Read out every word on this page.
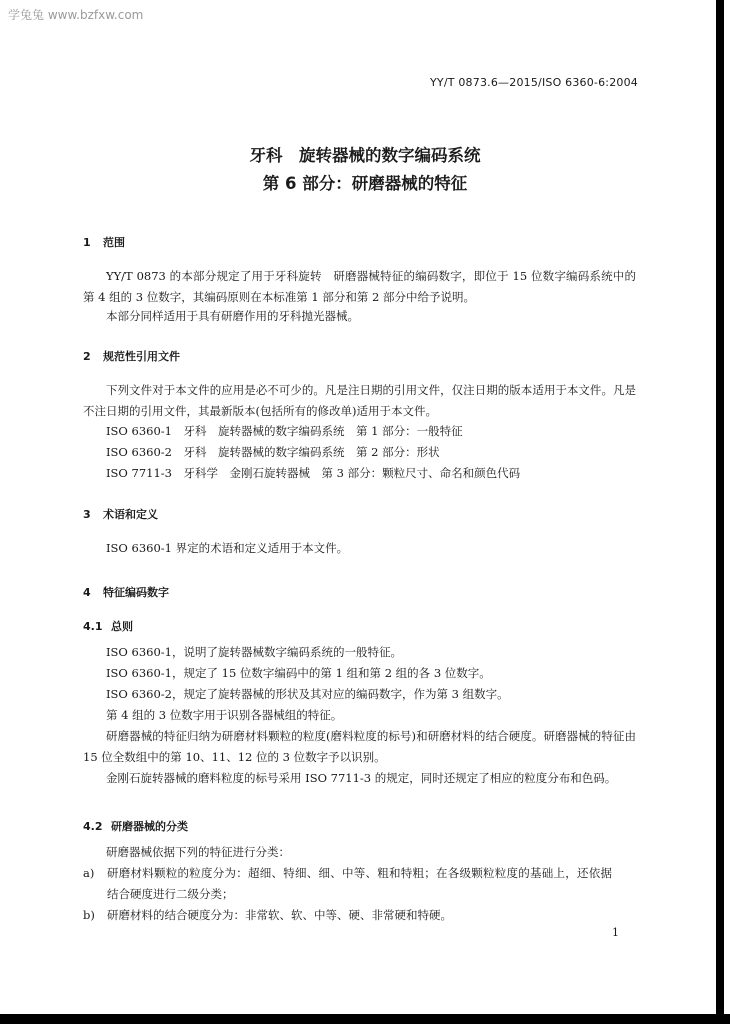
学兔兔 www.bzfxw.com
YY/T 0873.6—2015/ISO 6360-6:2004
牙科　旋转器械的数字编码系统
第 6 部分：研磨器械的特征
1 范围
YY/T 0873 的本部分规定了用于牙科旋转　研磨器械特征的编码数字，即位于 15 位数字编码系统中的第 4 组的 3 位数字，其编码原则在本标准第 1 部分和第 2 部分中给予说明。
本部分同样适用于具有研磨作用的牙科抛光器械。
2 规范性引用文件
下列文件对于本文件的应用是必不可少的。凡是注日期的引用文件，仅注日期的版本适用于本文件。凡是不注日期的引用文件，其最新版本(包括所有的修改单)适用于本文件。
ISO 6360-1　牙科　旋转器械的数字编码系统　第 1 部分：一般特征
ISO 6360-2　牙科　旋转器械的数字编码系统　第 2 部分：形状
ISO 7711-3　牙科学　金刚石旋转器械　第 3 部分：颗粒尺寸、命名和颜色代码
3 术语和定义
ISO 6360-1 界定的术语和定义适用于本文件。
4 特征编码数字
4.1 总则
ISO 6360-1，说明了旋转器械数字编码系统的一般特征。
ISO 6360-1，规定了 15 位数字编码中的第 1 组和第 2 组的各 3 位数字。
ISO 6360-2，规定了旋转器械的形状及其对应的编码数字，作为第 3 组数字。
第 4 组的 3 位数字用于识别各器械组的特征。
研磨器械的特征归纳为研磨材料颗粒的粒度(磨料粒度的标号)和研磨材料的结合硬度。研磨器械的特征由 15 位全数组中的第 10、11、12 位的 3 位数字予以识别。
金刚石旋转器械的磨料粒度的标号采用 ISO 7711-3 的规定，同时还规定了相应的粒度分布和色码。
4.2 研磨器械的分类
研磨器械依据下列的特征进行分类：
a) 研磨材料颗粒的粒度分为：超细、特细、细、中等、粗和特粗；在各级颗粒粒度的基础上，还依据结合硬度进行二级分类；
b) 研磨材料的结合硬度分为：非常软、软、中等、硬、非常硬和特硬。
1
